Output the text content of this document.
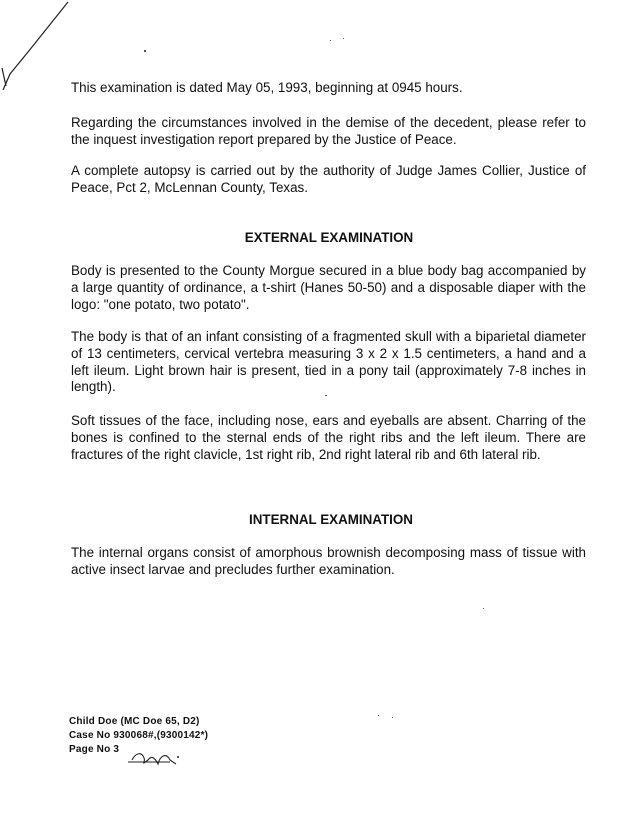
This examination is dated May 05, 1993, beginning at 0945 hours.

Regarding the circumstances involved in the demise of the decedent, please refer to the inquest investigation report prepared by the Justice of Peace.

A complete autopsy is carried out by the authority of Judge James Collier, Justice of Peace, Pct 2, McLennan County, Texas.

EXTERNAL EXAMINATION

Body is presented to the County Morgue secured in a blue body bag accompanied by a large quantity of ordinance, a t-shirt (Hanes 50-50) and a disposable diaper with the logo: "one potato, two potato".

The body is that of an infant consisting of a fragmented skull with a biparietal diameter of 13 centimeters, cervical vertebra measuring 3 x 2 x 1.5 centimeters, a hand and a left ileum. Light brown hair is present, tied in a pony tail (approximately 7-8 inches in length).

Soft tissues of the face, including nose, ears and eyeballs are absent. Charring of the bones is confined to the sternal ends of the right ribs and the left ileum. There are fractures of the right clavicle, 1st right rib, 2nd right lateral rib and 6th lateral rib.

INTERNAL EXAMINATION

The internal organs consist of amorphous brownish decomposing mass of tissue with active insect larvae and precludes further examination.

Child Doe (MC Doe 65, D2)
Case No 930068#,(9300142*)
Page No 3
